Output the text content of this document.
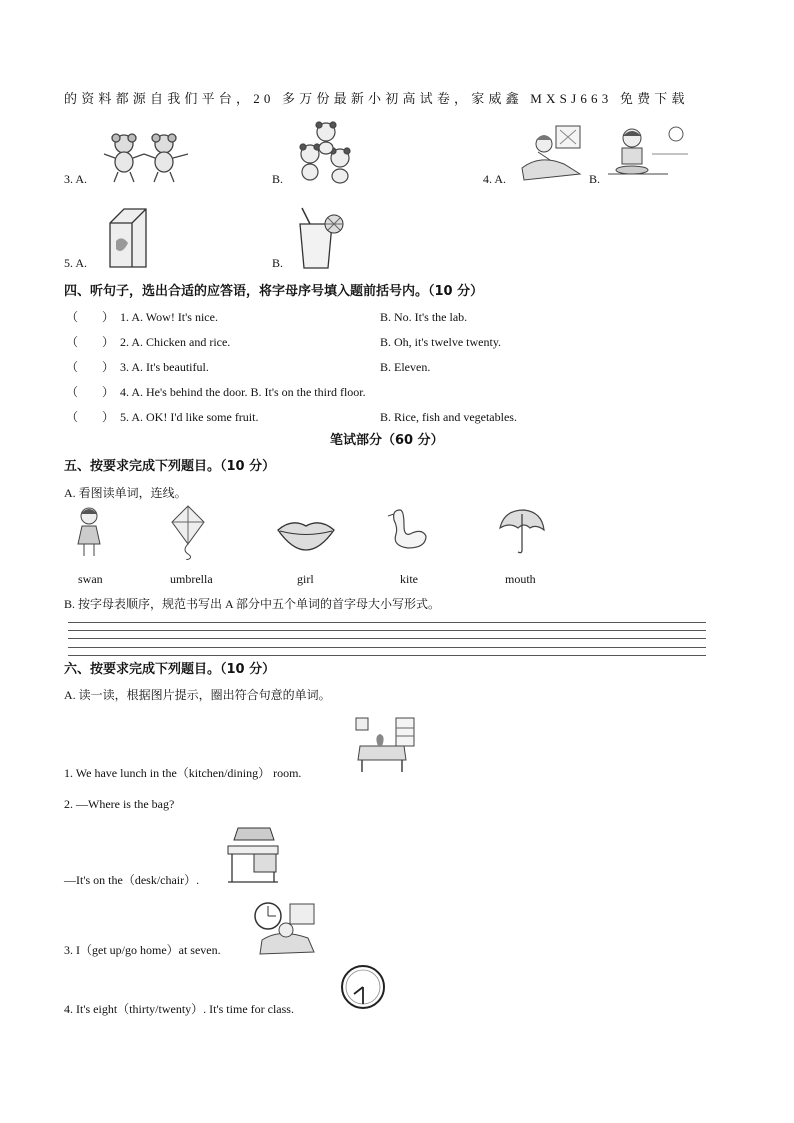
的资料都源自我们平台，20 多万份最新小初高试卷，家威鑫 MXSJ663 免费下载
3. A.	B.	4. A.	B.
5. A.	B.
四、听句子，选出合适的应答语，将字母序号填入题前括号内。（10 分）
（　　） 1. A. Wow! It's nice.	B. No. It's the lab.
（　　） 2. A. Chicken and rice.	B. Oh, it's twelve twenty.
（　　） 3. A. It's beautiful.	B. Eleven.
（　　） 4. A. He's behind the door. B. It's on the third floor.
（　　） 5. A. OK! I'd like some fruit.	B. Rice, fish and vegetables.
笔试部分（60 分）
五、按要求完成下列题目。（10 分）
A. 看图读单词，连线。
swan	umbrella	girl	kite	mouth
B. 按字母表顺序，规范书写出 A 部分中五个单词的首字母大小写形式。
六、按要求完成下列题目。（10 分）
A. 读一读，根据图片提示，圈出符合句意的单词。
1. We have lunch in the（kitchen/dining） room.
2. —Where is the bag?
—It's on the（desk/chair）.
3. I（get up/go home）at seven.
4. It's eight（thirty/twenty）. It's time for class.
